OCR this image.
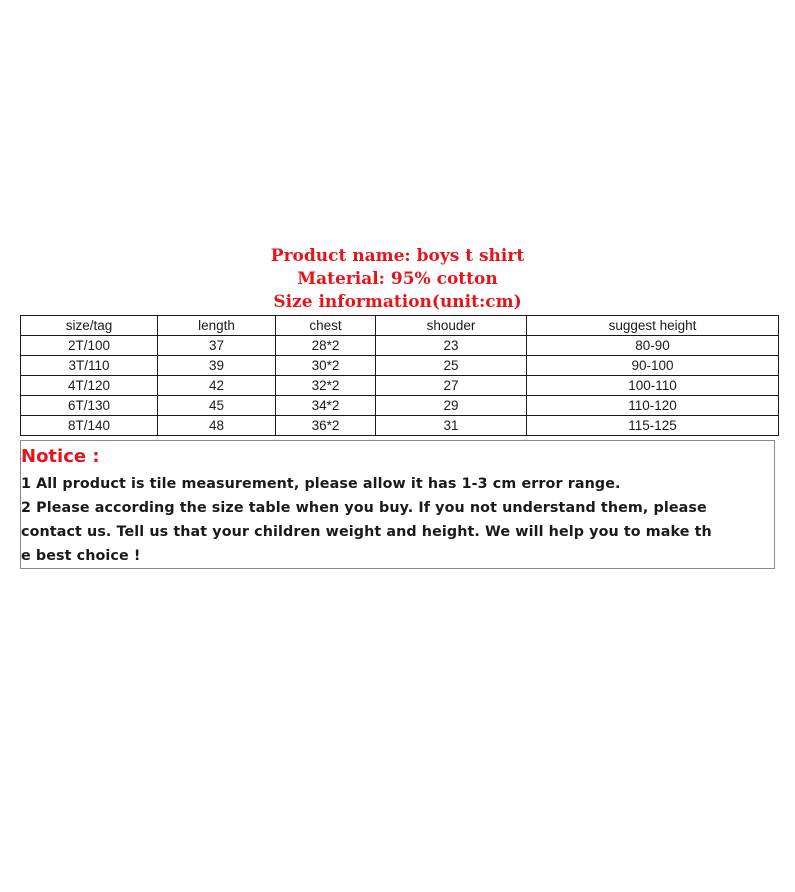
Product name: boys t shirt
Material: 95% cotton
Size information(unit:cm)
size/tag	length	chest	shouder	suggest height
2T/100	37	28*2	23	80-90
3T/110	39	30*2	25	90-100
4T/120	42	32*2	27	100-110
6T/130	45	34*2	29	110-120
8T/140	48	36*2	31	115-125
Notice :
1 All product is tile measurement, please allow it has 1-3 cm error range.
2 Please according the size table when you buy. If you not understand them, please
contact us. Tell us that your children weight and height. We will help you to make th
e best choice !
